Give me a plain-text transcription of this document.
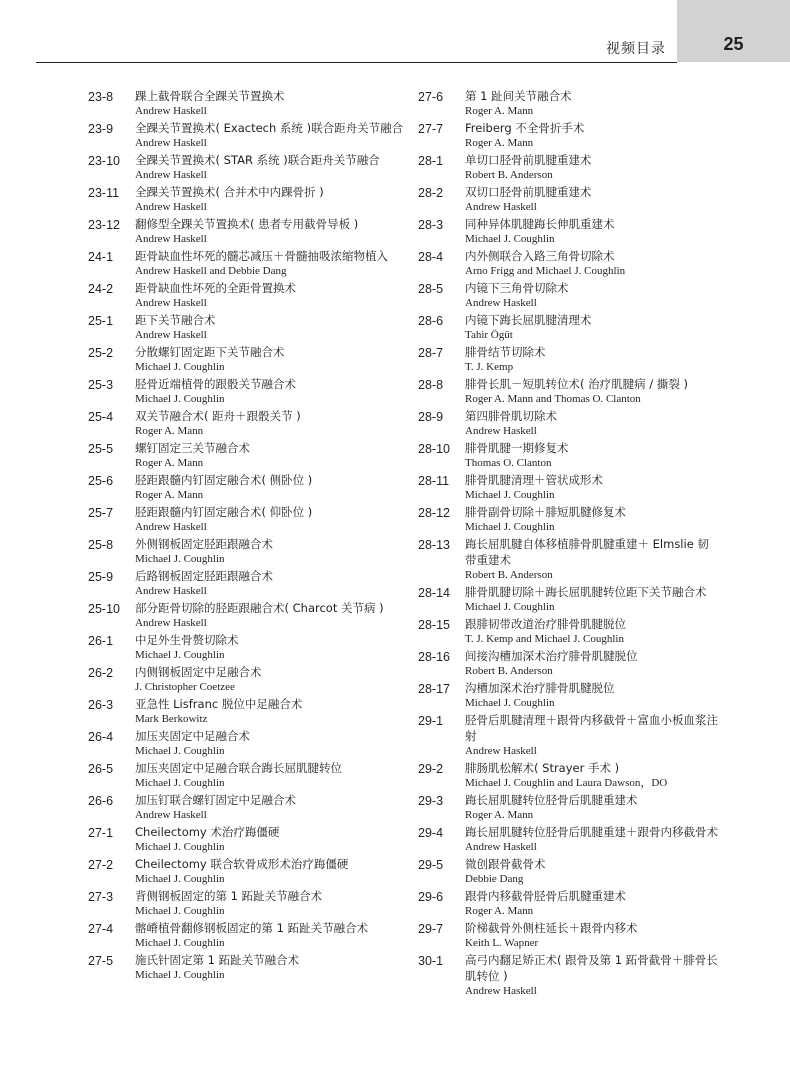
视频目录	25
23-8 踝上截骨联合全踝关节置换术
Andrew Haskell
23-9 全踝关节置换术( Exactech 系统 )联合距舟关节融合
Andrew Haskell
23-10 全踝关节置换术( STAR 系统 )联合距舟关节融合
Andrew Haskell
23-11 全踝关节置换术( 合并术中内踝骨折 )
Andrew Haskell
23-12 翻修型全踝关节置换术( 患者专用截骨导板 )
Andrew Haskell
24-1 距骨缺血性坏死的髓芯减压＋骨髓抽吸浓缩物植入
Andrew Haskell and Debbie Dang
24-2 距骨缺血性坏死的全距骨置换术
Andrew Haskell
25-1 距下关节融合术
Andrew Haskell
25-2 分散螺钉固定距下关节融合术
Michael J. Coughlin
25-3 胫骨近端植骨的跟骰关节融合术
Michael J. Coughlin
25-4 双关节融合术( 距舟＋跟骰关节 )
Roger A. Mann
25-5 螺钉固定三关节融合术
Roger A. Mann
25-6 胫距跟髓内钉固定融合术( 侧卧位 )
Roger A. Mann
25-7 胫距跟髓内钉固定融合术( 仰卧位 )
Andrew Haskell
25-8 外侧钢板固定胫距跟融合术
Michael J. Coughlin
25-9 后路钢板固定胫距跟融合术
Andrew Haskell
25-10 部分距骨切除的胫距跟融合术( Charcot 关节病 )
Andrew Haskell
26-1 中足外生骨赘切除术
Michael J. Coughlin
26-2 内侧钢板固定中足融合术
J. Christopher Coetzee
26-3 亚急性 Lisfranc 脱位中足融合术
Mark Berkowitz
26-4 加压夹固定中足融合术
Michael J. Coughlin
26-5 加压夹固定中足融合联合踇长屈肌腱转位
Michael J. Coughlin
26-6 加压钉联合螺钉固定中足融合术
Andrew Haskell
27-1 Cheilectomy 术治疗踇僵硬
Michael J. Coughlin
27-2 Cheilectomy 联合软骨成形术治疗踇僵硬
Michael J. Coughlin
27-3 背侧钢板固定的第 1 跖趾关节融合术
Michael J. Coughlin
27-4 髂嵴植骨翻修钢板固定的第 1 跖趾关节融合术
Michael J. Coughlin
27-5 施氏针固定第 1 跖趾关节融合术
Michael J. Coughlin
27-6 第 1 趾间关节融合术
Roger A. Mann
27-7 Freiberg 不全骨折手术
Roger A. Mann
28-1 单切口胫骨前肌腱重建术
Robert B. Anderson
28-2 双切口胫骨前肌腱重建术
Andrew Haskell
28-3 同种异体肌腱踇长伸肌重建术
Michael J. Coughlin
28-4 内外侧联合入路三角骨切除术
Arno Frigg and Michael J. Coughlin
28-5 内镜下三角骨切除术
Andrew Haskell
28-6 内镜下踇长屈肌腱清理术
Tahir Ögüt
28-7 腓骨结节切除术
T. J. Kemp
28-8 腓骨长肌－短肌转位术( 治疗肌腱病 / 撕裂 )
Roger A. Mann and Thomas O. Clanton
28-9 第四腓骨肌切除术
Andrew Haskell
28-10 腓骨肌腱一期修复术
Thomas O. Clanton
28-11 腓骨肌腱清理＋管状成形术
Michael J. Coughlin
28-12 腓骨副骨切除＋腓短肌腱修复术
Michael J. Coughlin
28-13 踇长屈肌腱自体移植腓骨肌腱重建＋ Elmslie 韧带重建术
Robert B. Anderson
28-14 腓骨肌腱切除＋踇长屈肌腱转位距下关节融合术
Michael J. Coughlin
28-15 跟腓韧带改道治疗腓骨肌腱脱位
T. J. Kemp and Michael J. Coughlin
28-16 间接沟槽加深术治疗腓骨肌腱脱位
Robert B. Anderson
28-17 沟槽加深术治疗腓骨肌腱脱位
Michael J. Coughlin
29-1 胫骨后肌腱清理＋跟骨内移截骨＋富血小板血浆注射
Andrew Haskell
29-2 腓肠肌松解术( Strayer 手术 )
Michael J. Coughlin and Laura Dawson，DO
29-3 踇长屈肌腱转位胫骨后肌腱重建术
Roger A. Mann
29-4 踇长屈肌腱转位胫骨后肌腱重建＋跟骨内移截骨术
Andrew Haskell
29-5 微创跟骨截骨术
Debbie Dang
29-6 跟骨内移截骨胫骨后肌腱重建术
Roger A. Mann
29-7 阶梯截骨外侧柱延长＋跟骨内移术
Keith L. Wapner
30-1 高弓内翻足矫正术( 跟骨及第 1 跖骨截骨＋腓骨长肌转位 )
Andrew Haskell
